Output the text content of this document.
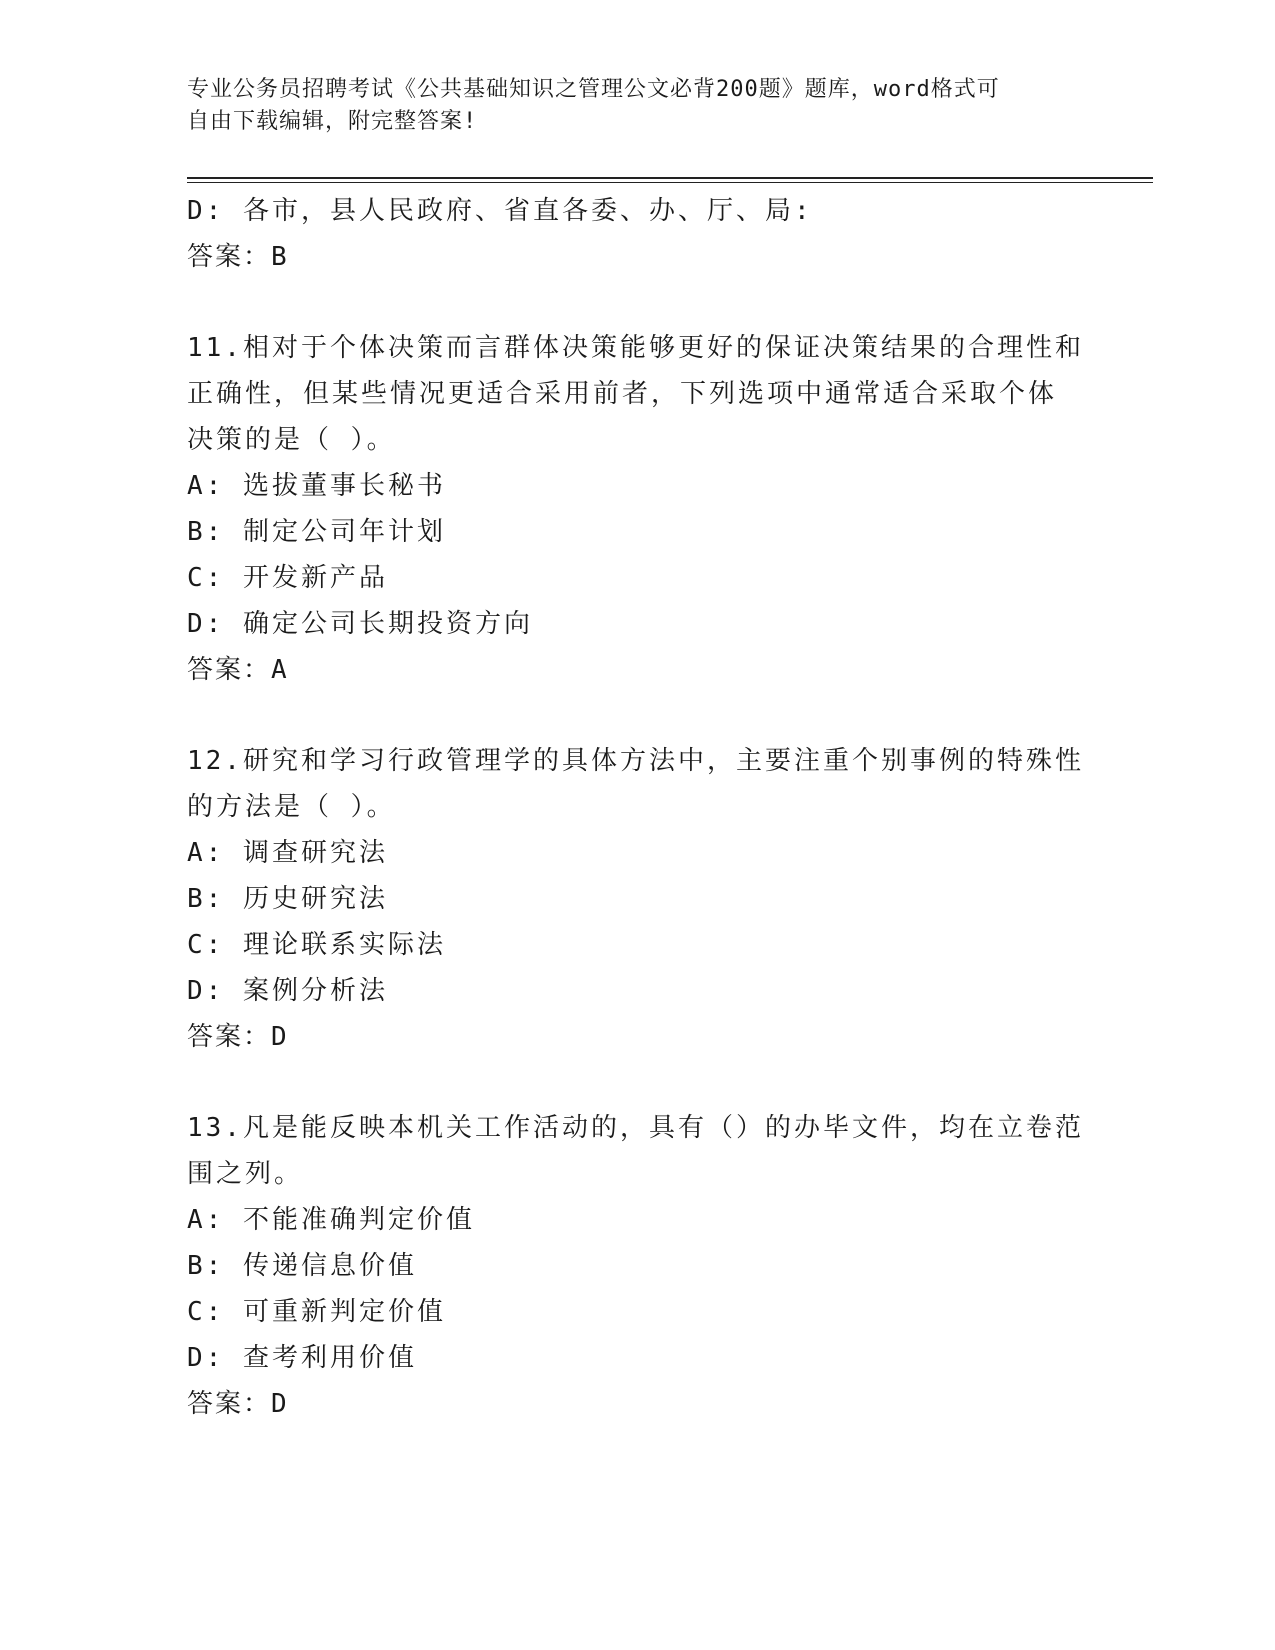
专业公务员招聘考试《公共基础知识之管理公文必背200题》题库，word格式可
自由下载编辑，附完整答案!
D: 各市，县人民政府、省直各委、办、厅、局:
答案：B
11.相对于个体决策而言群体决策能够更好的保证决策结果的合理性和
正确性，但某些情况更适合采用前者，下列选项中通常适合采取个体
决策的是（ ）。
A: 选拔董事长秘书
B: 制定公司年计划
C: 开发新产品
D: 确定公司长期投资方向
答案：A
12.研究和学习行政管理学的具体方法中，主要注重个别事例的特殊性
的方法是（ ）。
A: 调查研究法
B: 历史研究法
C: 理论联系实际法
D: 案例分析法
答案：D
13.凡是能反映本机关工作活动的，具有（）的办毕文件，均在立卷范
围之列。
A: 不能准确判定价值
B: 传递信息价值
C: 可重新判定价值
D: 查考利用价值
答案：D
